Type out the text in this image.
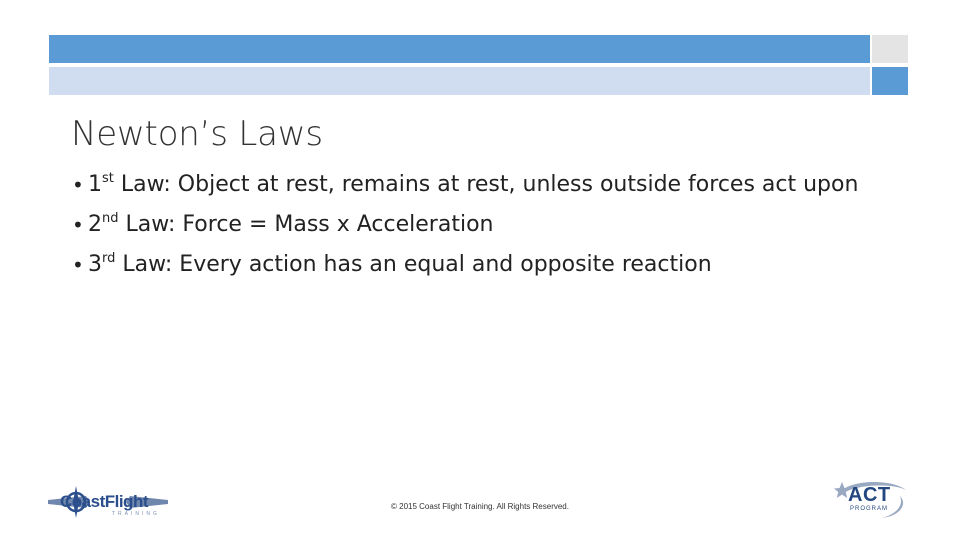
Newton’s Laws
• 1st Law: Object at rest, remains at rest, unless outside forces act upon
• 2nd Law: Force = Mass x Acceleration
• 3rd Law: Every action has an equal and opposite reaction
CoastFlight
TRAINING
© 2015 Coast Flight Training. All Rights Reserved.
ACT
PROGRAM
